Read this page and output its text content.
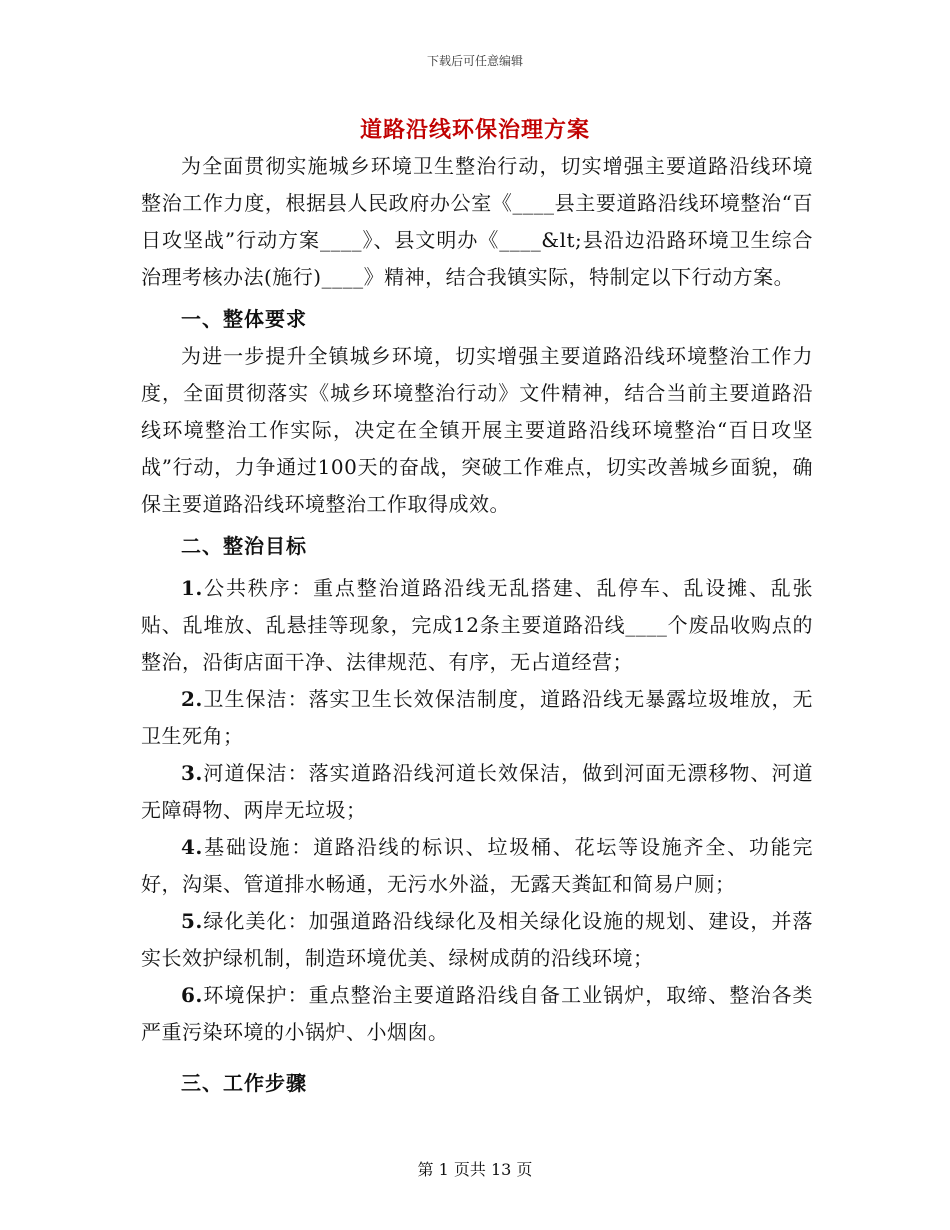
下载后可任意编辑
道路沿线环保治理方案

为全面贯彻实施城乡环境卫生整治行动，切实增强主要道路沿线环境整治工作力度，根据县人民政府办公室《____县主要道路沿线环境整治“百日攻坚战”行动方案____》、县文明办《____&lt;县沿边沿路环境卫生综合治理考核办法(施行)____》精神，结合我镇实际，特制定以下行动方案。

一、整体要求

为进一步提升全镇城乡环境，切实增强主要道路沿线环境整治工作力度，全面贯彻落实《城乡环境整治行动》文件精神，结合当前主要道路沿线环境整治工作实际，决定在全镇开展主要道路沿线环境整治“百日攻坚战”行动，力争通过100天的奋战，突破工作难点，切实改善城乡面貌，确保主要道路沿线环境整治工作取得成效。

二、整治目标

1.公共秩序：重点整治道路沿线无乱搭建、乱停车、乱设摊、乱张贴、乱堆放、乱悬挂等现象，完成12条主要道路沿线____个废品收购点的整治，沿街店面干净、法律规范、有序，无占道经营；

2.卫生保洁：落实卫生长效保洁制度，道路沿线无暴露垃圾堆放，无卫生死角；

3.河道保洁：落实道路沿线河道长效保洁，做到河面无漂移物、河道无障碍物、两岸无垃圾；

4.基础设施：道路沿线的标识、垃圾桶、花坛等设施齐全、功能完好，沟渠、管道排水畅通，无污水外溢，无露天粪缸和简易户厕；

5.绿化美化：加强道路沿线绿化及相关绿化设施的规划、建设，并落实长效护绿机制，制造环境优美、绿树成荫的沿线环境；

6.环境保护：重点整治主要道路沿线自备工业锅炉，取缔、整治各类严重污染环境的小锅炉、小烟囱。

三、工作步骤

第 1 页共 13 页
